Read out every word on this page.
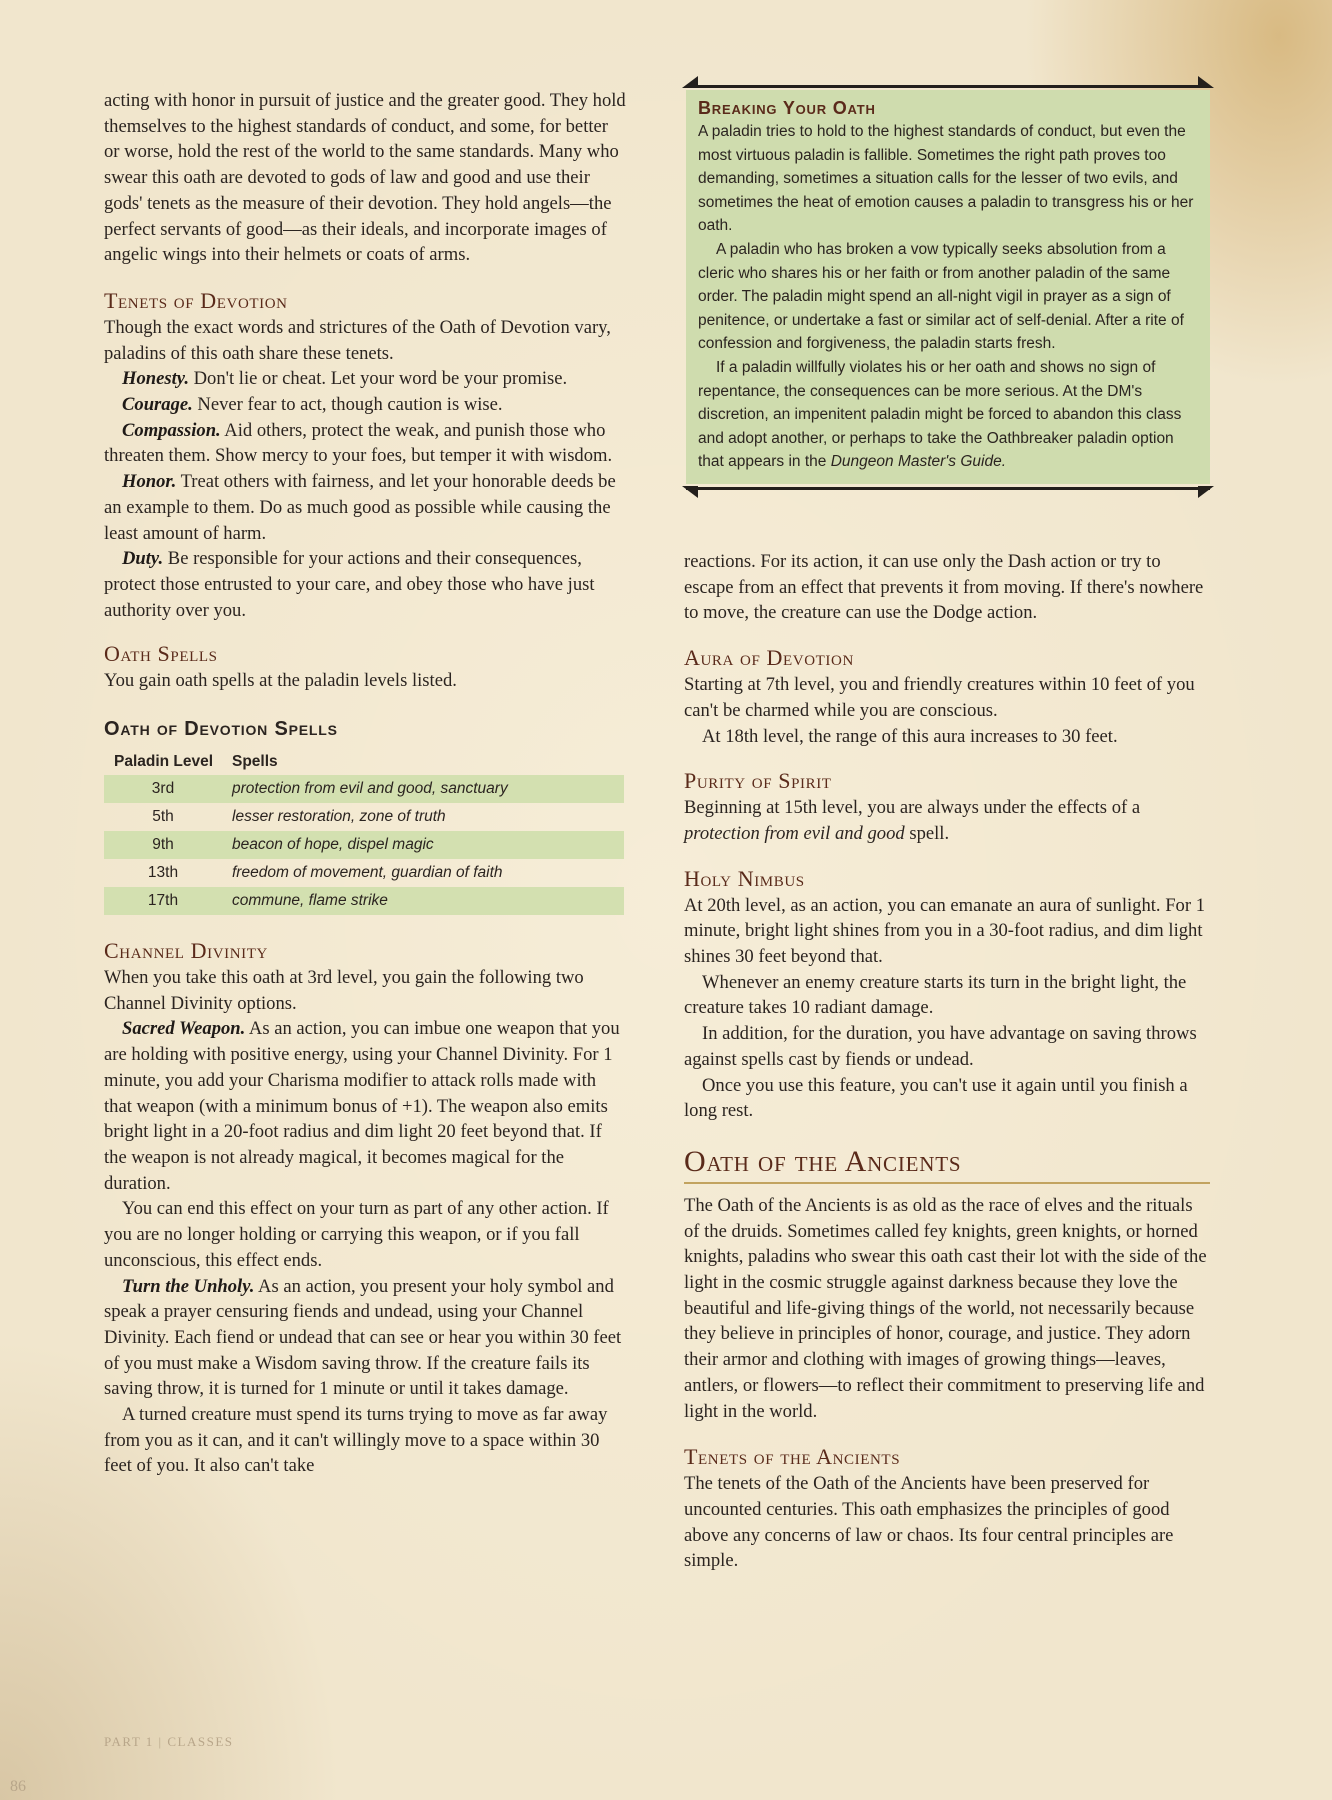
acting with honor in pursuit of justice and the greater good. They hold themselves to the highest standards of conduct, and some, for better or worse, hold the rest of the world to the same standards. Many who swear this oath are devoted to gods of law and good and use their gods' tenets as the measure of their devotion. They hold angels—the perfect servants of good—as their ideals, and incorporate images of angelic wings into their helmets or coats of arms.

Tenets of Devotion

Though the exact words and strictures of the Oath of Devotion vary, paladins of this oath share these tenets.

Honesty. Don't lie or cheat. Let your word be your promise.

Courage. Never fear to act, though caution is wise.

Compassion. Aid others, protect the weak, and punish those who threaten them. Show mercy to your foes, but temper it with wisdom.

Honor. Treat others with fairness, and let your honorable deeds be an example to them. Do as much good as possible while causing the least amount of harm.

Duty. Be responsible for your actions and their consequences, protect those entrusted to your care, and obey those who have just authority over you.

Oath Spells

You gain oath spells at the paladin levels listed.

Oath of Devotion Spells
Paladin Level	Spells
3rd	protection from evil and good, sanctuary
5th	lesser restoration, zone of truth
9th	beacon of hope, dispel magic
13th	freedom of movement, guardian of faith
17th	commune, flame strike
Channel Divinity

When you take this oath at 3rd level, you gain the following two Channel Divinity options.

Sacred Weapon. As an action, you can imbue one weapon that you are holding with positive energy, using your Channel Divinity. For 1 minute, you add your Charisma modifier to attack rolls made with that weapon (with a minimum bonus of +1). The weapon also emits bright light in a 20-foot radius and dim light 20 feet beyond that. If the weapon is not already magical, it becomes magical for the duration.

You can end this effect on your turn as part of any other action. If you are no longer holding or carrying this weapon, or if you fall unconscious, this effect ends.

Turn the Unholy. As an action, you present your holy symbol and speak a prayer censuring fiends and undead, using your Channel Divinity. Each fiend or undead that can see or hear you within 30 feet of you must make a Wisdom saving throw. If the creature fails its saving throw, it is turned for 1 minute or until it takes damage.

A turned creature must spend its turns trying to move as far away from you as it can, and it can't willingly move to a space within 30 feet of you. It also can't take

Breaking Your Oath

A paladin tries to hold to the highest standards of conduct, but even the most virtuous paladin is fallible. Sometimes the right path proves too demanding, sometimes a situation calls for the lesser of two evils, and sometimes the heat of emotion causes a paladin to transgress his or her oath.

A paladin who has broken a vow typically seeks absolution from a cleric who shares his or her faith or from another paladin of the same order. The paladin might spend an all-night vigil in prayer as a sign of penitence, or undertake a fast or similar act of self-denial. After a rite of confession and forgiveness, the paladin starts fresh.

If a paladin willfully violates his or her oath and shows no sign of repentance, the consequences can be more serious. At the DM's discretion, an impenitent paladin might be forced to abandon this class and adopt another, or perhaps to take the Oathbreaker paladin option that appears in the Dungeon Master's Guide.

reactions. For its action, it can use only the Dash action or try to escape from an effect that prevents it from moving. If there's nowhere to move, the creature can use the Dodge action.

Aura of Devotion

Starting at 7th level, you and friendly creatures within 10 feet of you can't be charmed while you are conscious.

At 18th level, the range of this aura increases to 30 feet.

Purity of Spirit

Beginning at 15th level, you are always under the effects of a protection from evil and good spell.

Holy Nimbus

At 20th level, as an action, you can emanate an aura of sunlight. For 1 minute, bright light shines from you in a 30-foot radius, and dim light shines 30 feet beyond that.

Whenever an enemy creature starts its turn in the bright light, the creature takes 10 radiant damage.

In addition, for the duration, you have advantage on saving throws against spells cast by fiends or undead.

Once you use this feature, you can't use it again until you finish a long rest.

Oath of the Ancients

The Oath of the Ancients is as old as the race of elves and the rituals of the druids. Sometimes called fey knights, green knights, or horned knights, paladins who swear this oath cast their lot with the side of the light in the cosmic struggle against darkness because they love the beautiful and life-giving things of the world, not necessarily because they believe in principles of honor, courage, and justice. They adorn their armor and clothing with images of growing things—leaves, antlers, or flowers—to reflect their commitment to preserving life and light in the world.

Tenets of the Ancients

The tenets of the Oath of the Ancients have been preserved for uncounted centuries. This oath emphasizes the principles of good above any concerns of law or chaos. Its four central principles are simple.

PART 1 | CLASSES
86
